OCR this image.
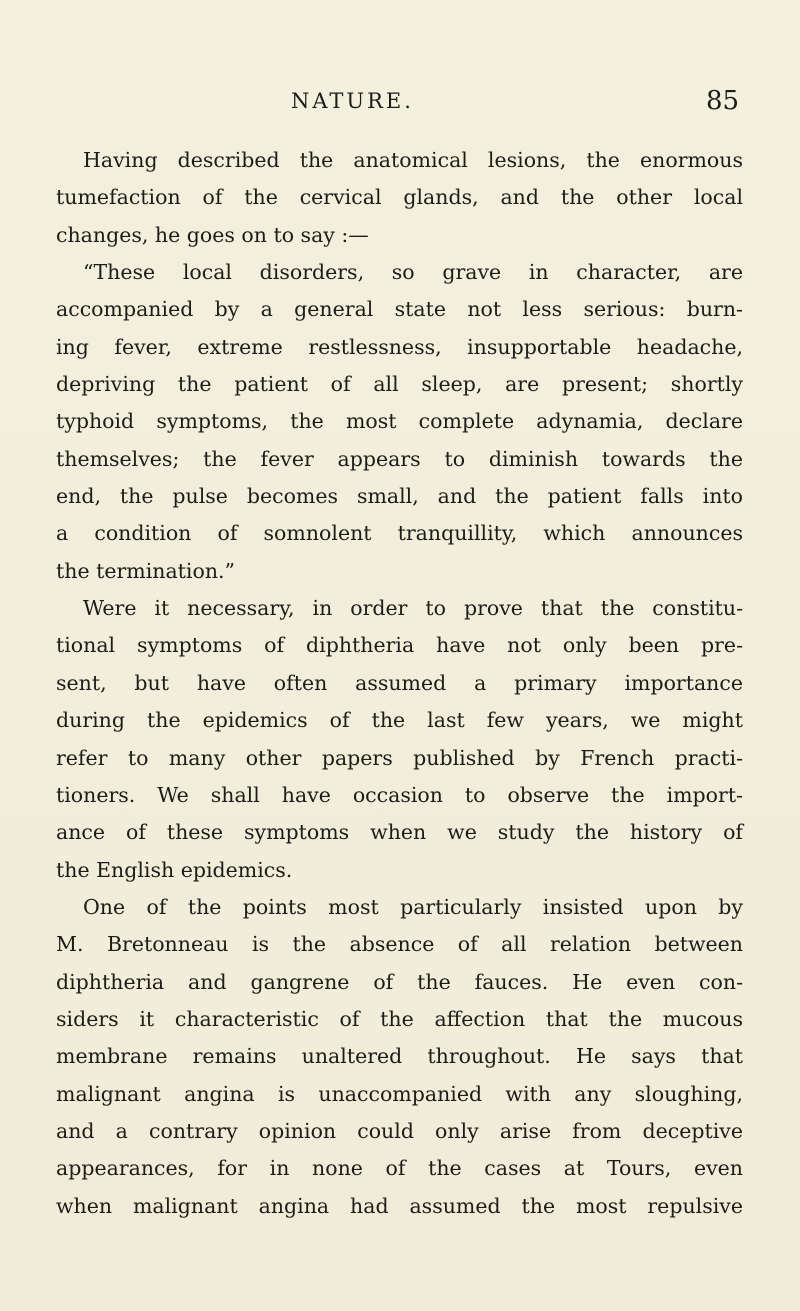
NATURE.	85
Having described the anatomical lesions, the enormous
tumefaction of the cervical glands, and the other local
changes, he goes on to say :—
“These local disorders, so grave in character, are
accompanied by a general state not less serious: burn-
ing fever, extreme restlessness, insupportable headache,
depriving the patient of all sleep, are present; shortly
typhoid symptoms, the most complete adynamia, declare
themselves; the fever appears to diminish towards the
end, the pulse becomes small, and the patient falls into
a condition of somnolent tranquillity, which announces
the termination.”
Were it necessary, in order to prove that the constitu-
tional symptoms of diphtheria have not only been pre-
sent, but have often assumed a primary importance
during the epidemics of the last few years, we might
refer to many other papers published by French practi-
tioners. We shall have occasion to observe the import-
ance of these symptoms when we study the history of
the English epidemics.
One of the points most particularly insisted upon by
M. Bretonneau is the absence of all relation between
diphtheria and gangrene of the fauces. He even con-
siders it characteristic of the affection that the mucous
membrane remains unaltered throughout. He says that
malignant angina is unaccompanied with any sloughing,
and a contrary opinion could only arise from deceptive
appearances, for in none of the cases at Tours, even
when malignant angina had assumed the most repulsive
